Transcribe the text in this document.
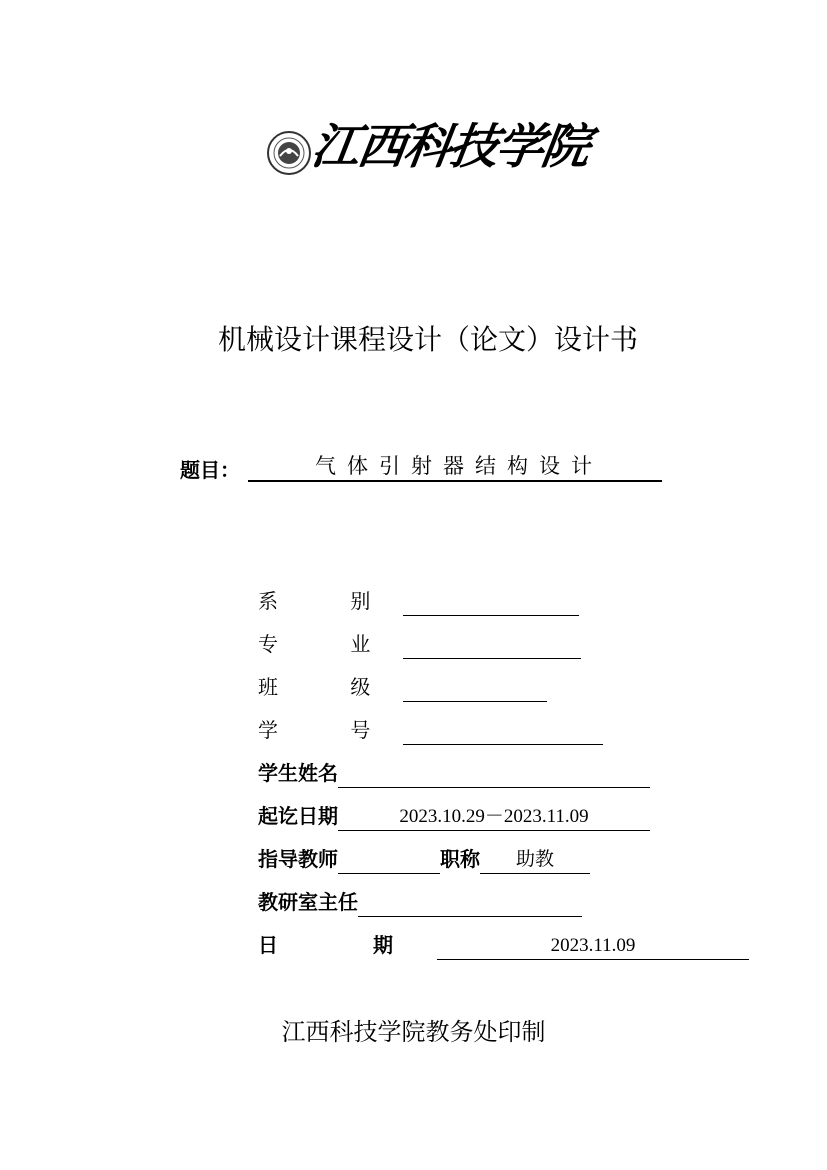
江西科技学院
机械设计课程设计（论文）设计书
题目：	气体引射器结构设计
系 别
专 业
班 级
学 号
学生姓名
起讫日期	2023.10.29－2023.11.09
指导教师	职称 助教
教研室主任
日 期	2023.11.09
江西科技学院教务处印制
